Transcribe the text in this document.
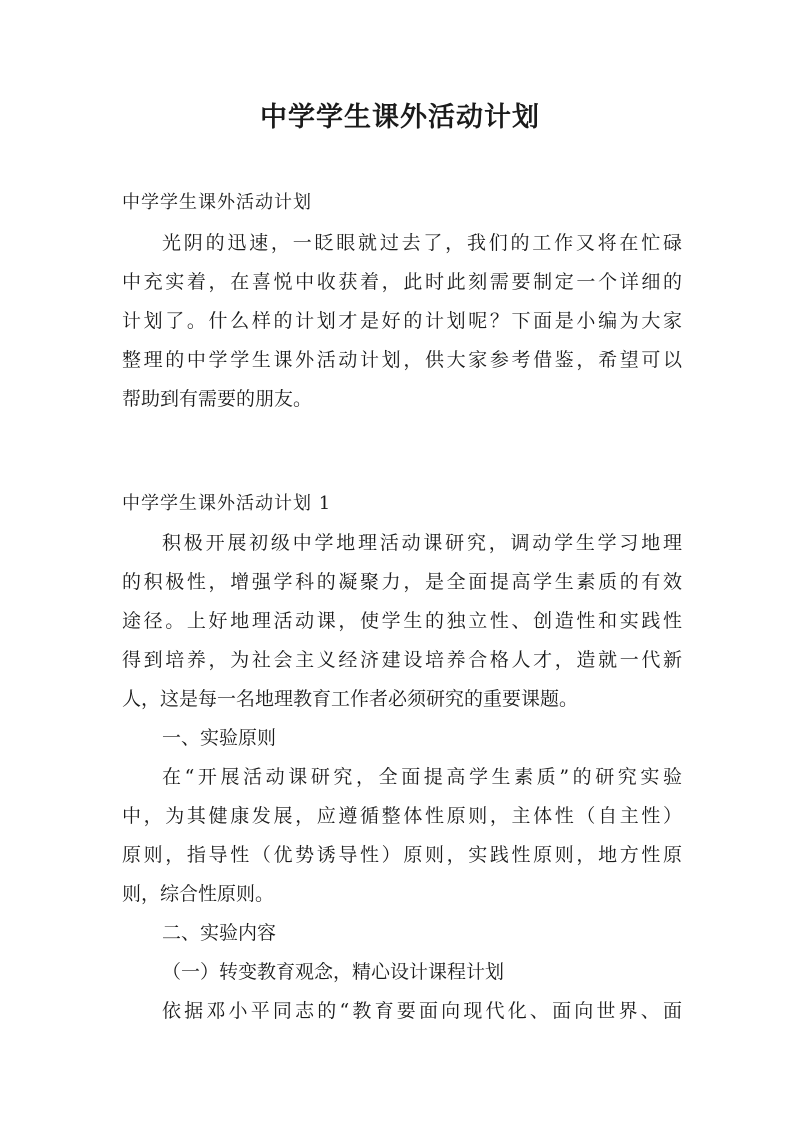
中学学生课外活动计划

中学学生课外活动计划

光阴的迅速，一眨眼就过去了，我们的工作又将在忙碌

中充实着，在喜悦中收获着，此时此刻需要制定一个详细的

计划了。什么样的计划才是好的计划呢？下面是小编为大家

整理的中学学生课外活动计划，供大家参考借鉴，希望可以

帮助到有需要的朋友。

中学学生课外活动计划 1

积极开展初级中学地理活动课研究，调动学生学习地理

的积极性，增强学科的凝聚力，是全面提高学生素质的有效

途径。上好地理活动课，使学生的独立性、创造性和实践性

得到培养，为社会主义经济建设培养合格人才，造就一代新

人，这是每一名地理教育工作者必须研究的重要课题。

一、实验原则

在“开展活动课研究，全面提高学生素质”的研究实验

中，为其健康发展，应遵循整体性原则，主体性（自主性）

原则，指导性（优势诱导性）原则，实践性原则，地方性原

则，综合性原则。

二、实验内容

（一）转变教育观念，精心设计课程计划

依据邓小平同志的“教育要面向现代化、面向世界、面
